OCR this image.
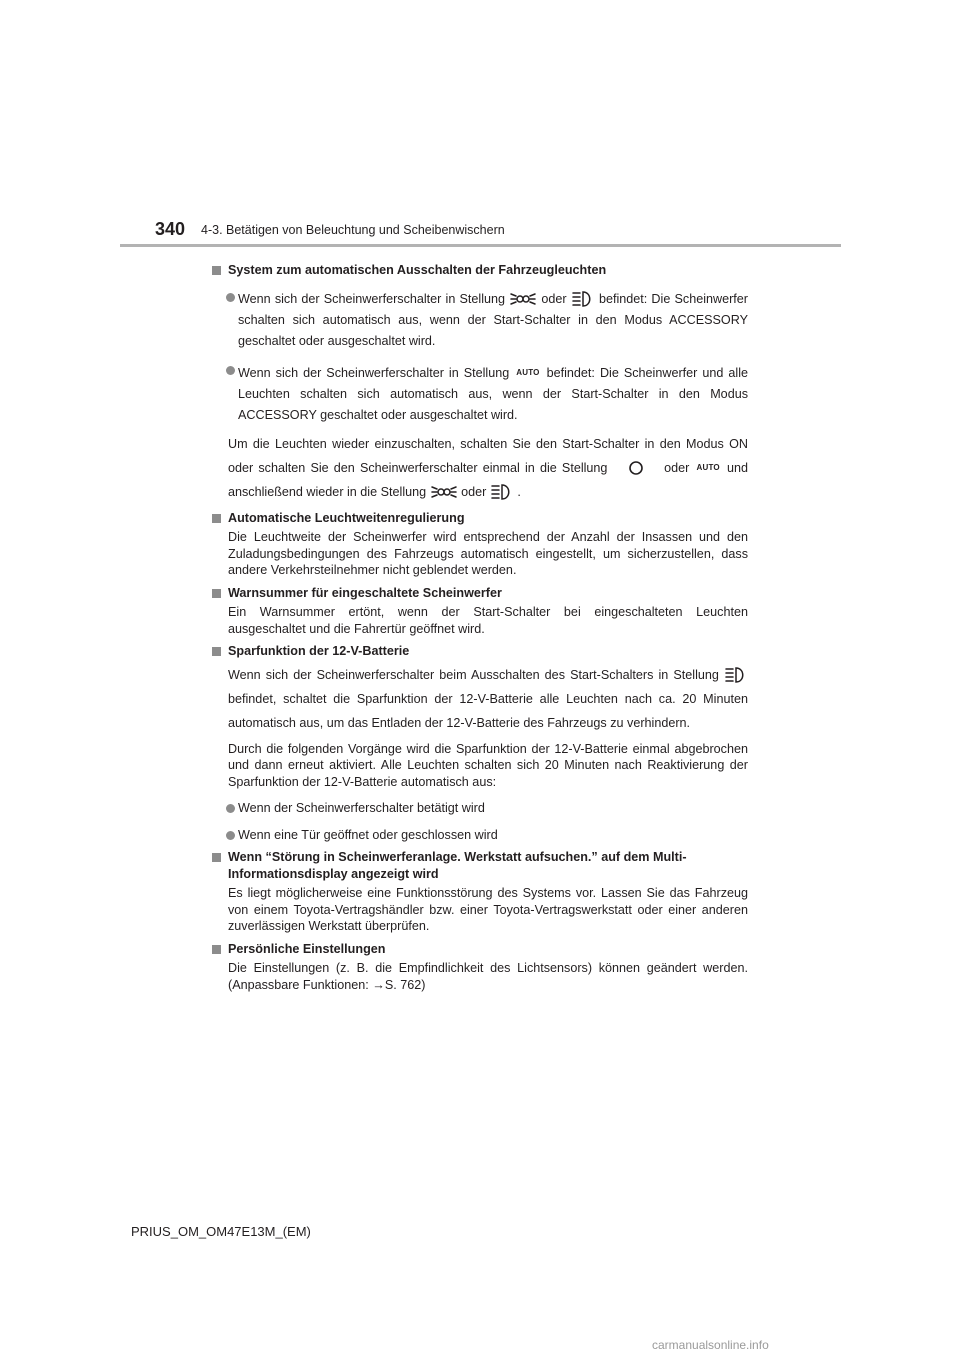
340 4-3. Betätigen von Beleuchtung und Scheibenwischern
System zum automatischen Ausschalten der Fahrzeugleuchten
Wenn sich der Scheinwerferschalter in Stellung	oder	befindet: Die Scheinwerfer schalten sich automatisch aus, wenn der Start-Schalter in den Modus ACCESSORY geschaltet oder ausgeschaltet wird.
Wenn sich der Scheinwerferschalter in Stellung AUTO befindet: Die Scheinwerfer und alle Leuchten schalten sich automatisch aus, wenn der Start-Schalter in den Modus ACCESSORY geschaltet oder ausgeschaltet wird.
Um die Leuchten wieder einzuschalten, schalten Sie den Start-Schalter in den Modus ON oder schalten Sie den Scheinwerferschalter einmal in die Stellung	oder AUTO und anschließend wieder in die Stellung	oder .
Automatische Leuchtweitenregulierung
Die Leuchtweite der Scheinwerfer wird entsprechend der Anzahl der Insassen und den Zuladungsbedingungen des Fahrzeugs automatisch eingestellt, um sicherzustellen, dass andere Verkehrsteilnehmer nicht geblendet werden.
Warnsummer für eingeschaltete Scheinwerfer
Ein Warnsummer ertönt, wenn der Start-Schalter bei eingeschalteten Leuchten ausgeschaltet und die Fahrertür geöffnet wird.
Sparfunktion der 12-V-Batterie
Wenn sich der Scheinwerferschalter beim Ausschalten des Start-Schalters in Stellung  befindet, schaltet die Sparfunktion der 12-V-Batterie alle Leuchten nach ca. 20 Minuten automatisch aus, um das Entladen der 12-V-Batterie des Fahrzeugs zu verhindern.
Durch die folgenden Vorgänge wird die Sparfunktion der 12-V-Batterie einmal abgebrochen und dann erneut aktiviert. Alle Leuchten schalten sich 20 Minuten nach Reaktivierung der Sparfunktion der 12-V-Batterie automatisch aus:
Wenn der Scheinwerferschalter betätigt wird
Wenn eine Tür geöffnet oder geschlossen wird
Wenn “Störung in Scheinwerferanlage. Werkstatt aufsuchen.” auf dem Multi-Informationsdisplay angezeigt wird
Es liegt möglicherweise eine Funktionsstörung des Systems vor. Lassen Sie das Fahrzeug von einem Toyota-Vertragshändler bzw. einer Toyota-Vertragswerkstatt oder einer anderen zuverlässigen Werkstatt überprüfen.
Persönliche Einstellungen
Die Einstellungen (z. B. die Empfindlichkeit des Lichtsensors) können geändert werden. (Anpassbare Funktionen: →S. 762)
PRIUS_OM_OM47E13M_(EM)
carmanualsonline.info
